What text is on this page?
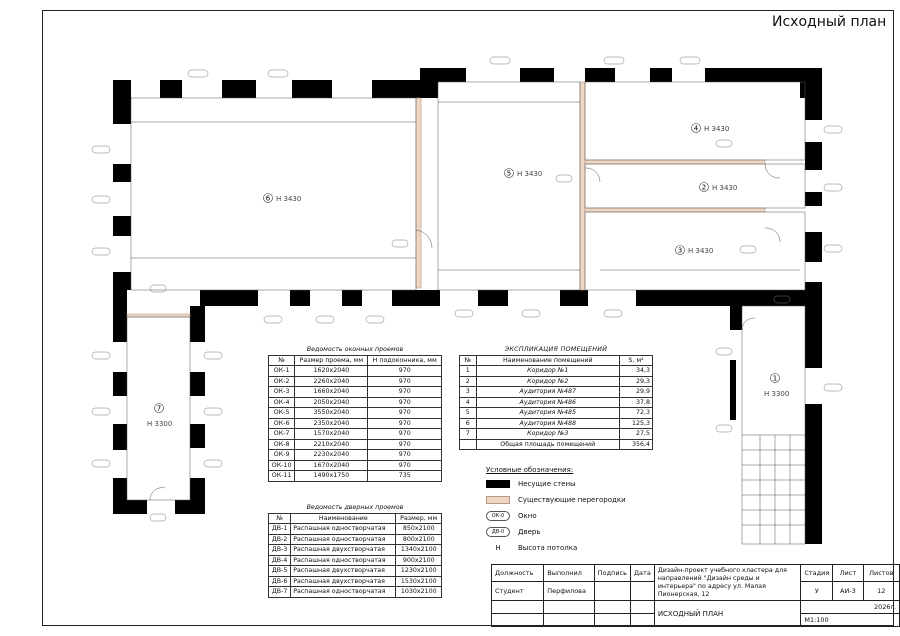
Исходный план
6 H 3430
5 H 3430
4 H 3430
2 H 3430
3 H 3430
1
H 3300
7
H 3300
Ведомость оконных проемов		
№	Размер проема, мм	Н подоконника, мм
ОК-1	1620x2040	970
ОК-2	2260x2040	970
ОК-3	1660x2040	970
ОК-4	2050x2040	970
ОК-5	3550x2040	970
ОК-6	2350x2040	970
ОК-7	1570x2040	970
ОК-8	2210x2040	970
ОК-9	2230x2040	970
ОК-10	1670x2040	970
ОК-11	1490x1750	735
Ведомость дверных проемов		
№	Наименование	Размер, мм
ДВ-1	Распашная одностворчатая	850x2100
ДВ-2	Распашная одностворчатая	800x2100
ДВ-3	Распашная двухстворчатая	1340x2100
ДВ-4	Распашная одностворчатая	900x2100
ДВ-5	Распашная двухстворчатая	1230x2100
ДВ-6	Распашная двухстворчатая	1530x2100
ДВ-7	Распашная одностворчатая	1030x2100
ЭКСПЛИКАЦИЯ ПОМЕЩЕНИЙ		
№	Наименование помещений	S, м²
1	Коридор №1	34,3
2	Коридор №2	29,3
3	Аудитория №487	29,9
4	Аудитория №486	37,8
5	Аудитория №485	72,3
6	Аудитория №488	125,3
7	Коридор №3	27,5
	Общая площадь помещений	356,4
Условные обозначения:
Несущие стены
Существующие перегородки
ОК-0	Окно
ДВ-0	Дверь
H	Высота потолка
Должность	Выполнил	Подпись	Дата	Дизайн-проект учебного кластера для направлений "Дизайн среды и интерьера" по адресу ул. Малая Пионерская, 12	Стадия	Лист	Листов
Студент	Перфилова				У	АИ-3	12
				ИСХОДНЫЙ ПЛАН	2026г.		
					М1:100		
